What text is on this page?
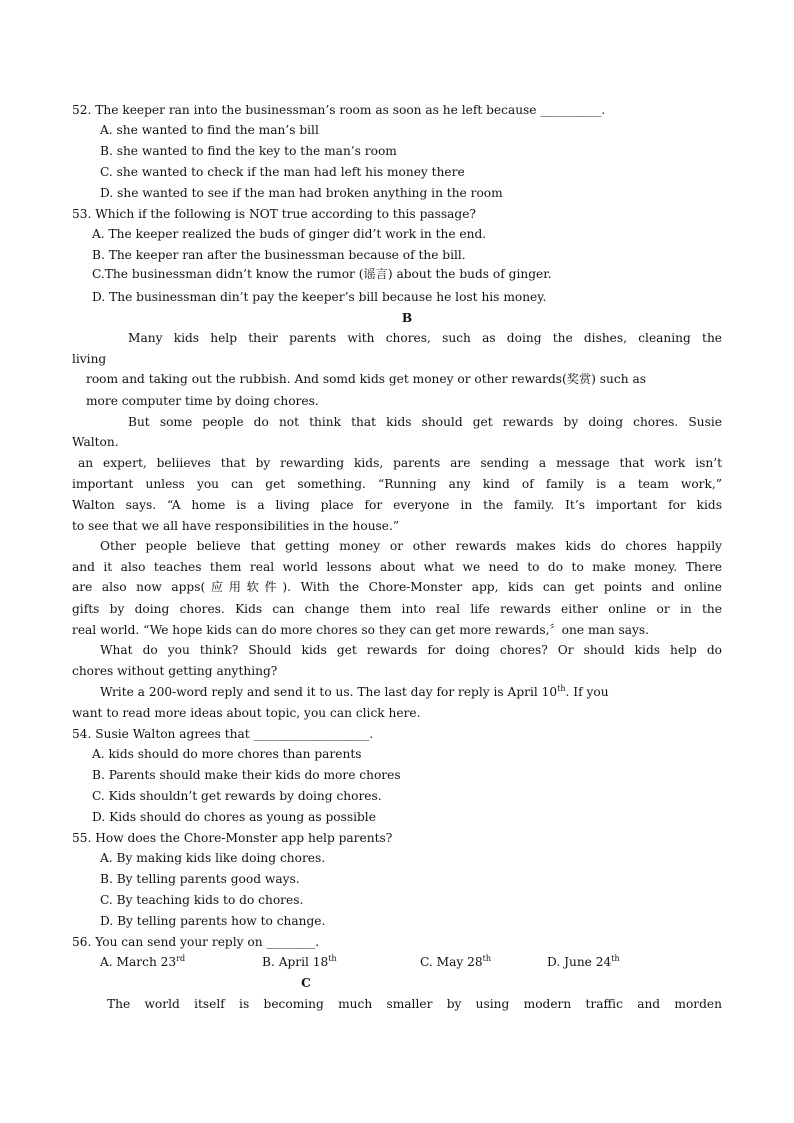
52. The keeper ran into the businessman’s room as soon as he left because __________.
A. she wanted to find the man’s bill
B. she wanted to find the key to the man’s room
C. she wanted to check if the man had left his money there
D. she wanted to see if the man had broken anything in the room
53. Which if the following is NOT true according to this passage?
A. The keeper realized the buds of ginger did’t work in the end.
B. The keeper ran after the businessman because of the bill.
C.The businessman didn’t know the rumor (谣言) about the buds of ginger.
D. The businessman din’t pay the keeper’s bill because he lost his money.
B
Many kids help their parents with chores, such as doing the dishes, cleaning the
living
room and taking out the rubbish. And somd kids get money or other rewards(奖赏) such as
more computer time by doing chores.
But some people do not think that kids should get rewards by doing chores. Susie
Walton.
an expert, beliieves that by rewarding kids, parents are sending a message that work isn’t
important unless you can get something. “Running any kind of family is a team work,”
Walton says. “A home is a living place for everyone in the family. It’s important for kids
to see that we all have responsibilities in the house.”
Other people believe that getting money or other rewards makes kids do chores happily
and it also teaches them real world lessons about what we need to do to make money. There
are also now apps(应用软件). With the Chore-Monster app, kids can get points and online
gifts by doing chores. Kids can change them into real life rewards either online or in the
real world. “We hope kids can do more chores so they can get more rewards,〞one man says.
What do you think? Should kids get rewards for doing chores? Or should kids help do
chores without getting anything?
Write a 200-word reply and send it to us. The last day for reply is April 10th. If you
want to read more ideas about topic, you can click here.
54. Susie Walton agrees that ___________________.
A. kids should do more chores than parents
B. Parents should make their kids do more chores
C. Kids shouldn’t get rewards by doing chores.
D. Kids should do chores as young as possible
55. How does the Chore-Monster app help parents?
A. By making kids like doing chores.
B. By telling parents good ways.
C. By teaching kids to do chores.
D. By telling parents how to change.
56. You can send your reply on ________.
A. March 23rd	B. April 18th	C. May 28th	D. June 24th
C
The world itself is becoming much smaller by using modern traffic and morden
